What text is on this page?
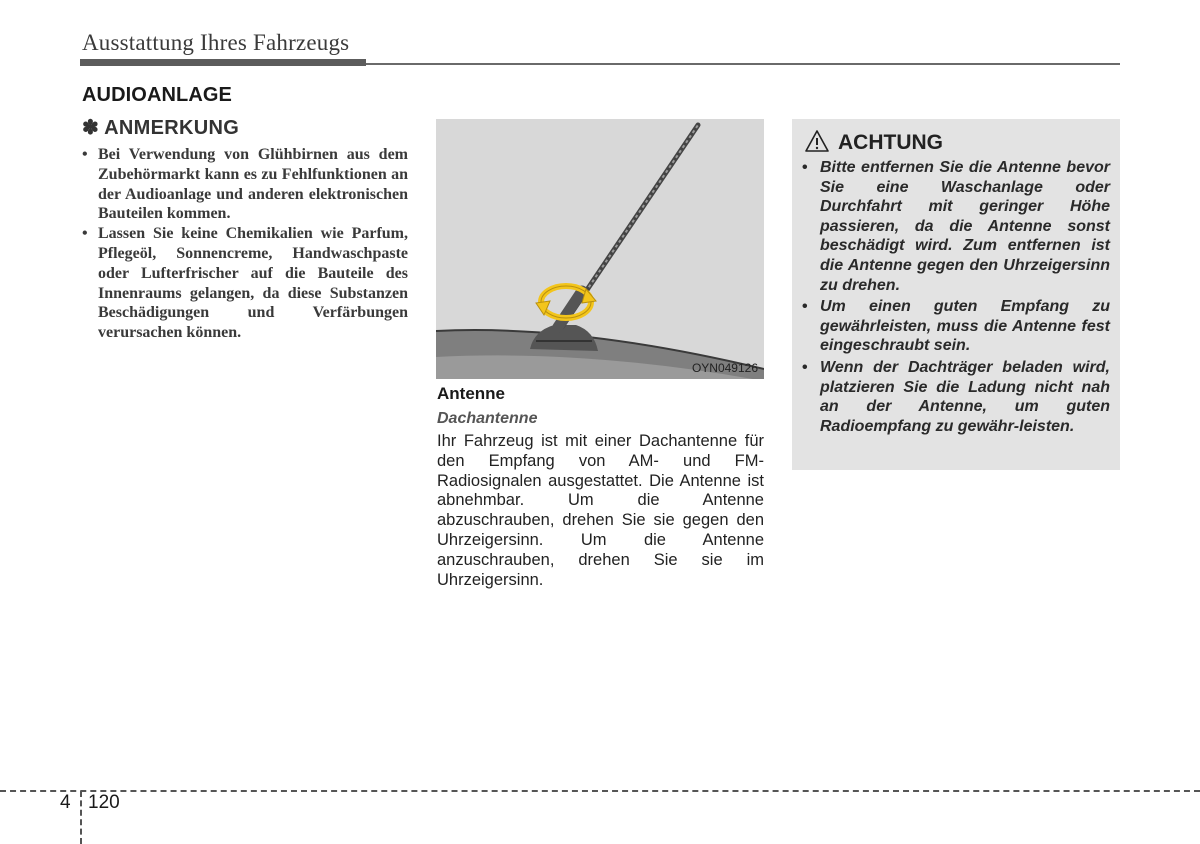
Ausstattung Ihres Fahrzeugs
AUDIOANLAGE
✽ ANMERKUNG
• Bei Verwendung von Glühbirnen aus dem Zubehörmarkt kann es zu Fehlfunktionen an der Audioanlage und anderen elektronischen Bauteilen kommen.
• Lassen Sie keine Chemikalien wie Parfum, Pflegeöl, Sonnencreme, Handwaschpaste oder Lufterfrischer auf die Bauteile des Innenraums gelangen, da diese Substanzen Beschädigungen und Verfärbungen verursachen können.
OYN049126
Antenne
Dachantenne
Ihr Fahrzeug ist mit einer Dachantenne für den Empfang von AM- und FM-Radiosignalen ausgestattet. Die Antenne ist abnehmbar. Um die Antenne abzuschrauben, drehen Sie sie gegen den Uhrzeigersinn. Um die Antenne anzuschrauben, drehen Sie sie im Uhrzeigersinn.
ACHTUNG
• Bitte entfernen Sie die Antenne bevor Sie eine Waschanlage oder Durchfahrt mit geringer Höhe passieren, da die Antenne sonst beschädigt wird. Zum entfernen ist die Antenne gegen den Uhrzeigersinn zu drehen.
• Um einen guten Empfang zu gewährleisten, muss die Antenne fest eingeschraubt sein.
• Wenn der Dachträger beladen wird, platzieren Sie die Ladung nicht nah an der Antenne, um guten Radioempfang zu gewähr-leisten.
4 120
